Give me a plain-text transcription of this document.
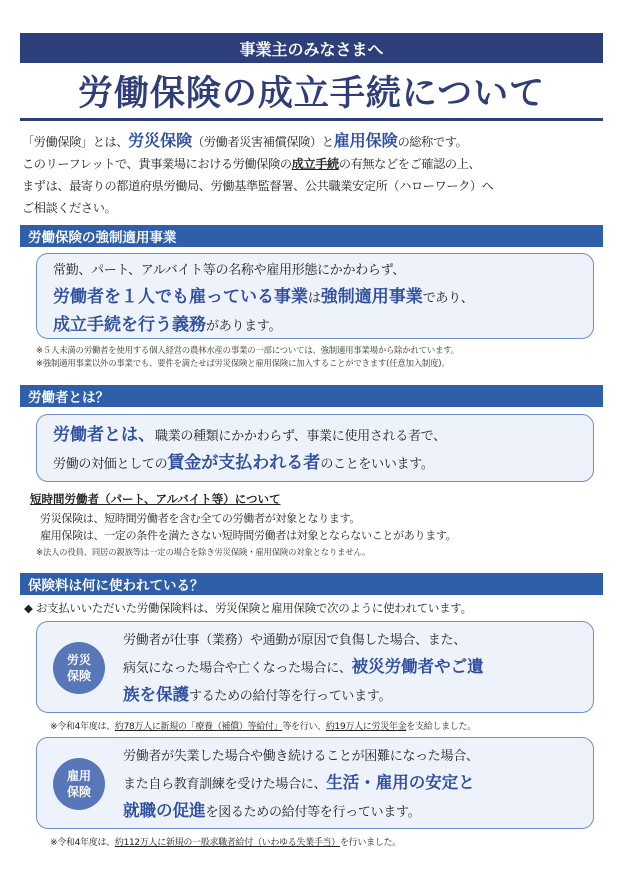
事業主のみなさまへ
労働保険の成立手続について
「労働保険」とは、労災保険（労働者災害補償保険）と雇用保険の総称です。
このリーフレットで、貴事業場における労働保険の成立手続の有無などをご確認の上、
まずは、最寄りの都道府県労働局、労働基準監督署、公共職業安定所（ハローワーク）へ
ご相談ください。
労働保険の強制適用事業
常勤、パート、アルバイト等の名称や雇用形態にかかわらず、
労働者を１人でも雇っている事業は強制適用事業であり、
成立手続を行う義務があります。
※５人未満の労働者を使用する個人経営の農林水産の事業の一部については、強制適用事業場から除かれています。
※強制適用事業以外の事業でも、要件を満たせば労災保険と雇用保険に加入することができます(任意加入制度)。
労働者とは？
労働者とは、職業の種類にかかわらず、事業に使用される者で、
労働の対価としての賃金が支払われる者のことをいいます。
短時間労働者（パート、アルバイト等）について
労災保険は、短時間労働者を含む全ての労働者が対象となります。
雇用保険は、一定の条件を満たさない短時間労働者は対象とならないことがあります。
※法人の役員、同居の親族等は一定の場合を除き労災保険・雇用保険の対象となりません。
保険料は何に使われている？
◆ お支払いいただいた労働保険料は、労災保険と雇用保険で次のように使われています。
労災
保険
労働者が仕事（業務）や通勤が原因で負傷した場合、また、
病気になった場合や亡くなった場合に、被災労働者やご遺
族を保護するための給付等を行っています。
※令和4年度は、約78万人に新規の「療養（補償）等給付」等を行い、約19万人に労災年金を支給しました。
雇用
保険
労働者が失業した場合や働き続けることが困難になった場合、
また自ら教育訓練を受けた場合に、生活・雇用の安定と
就職の促進を図るための給付等を行っています。
※令和4年度は、約112万人に新規の一般求職者給付（いわゆる失業手当）を行いました。
